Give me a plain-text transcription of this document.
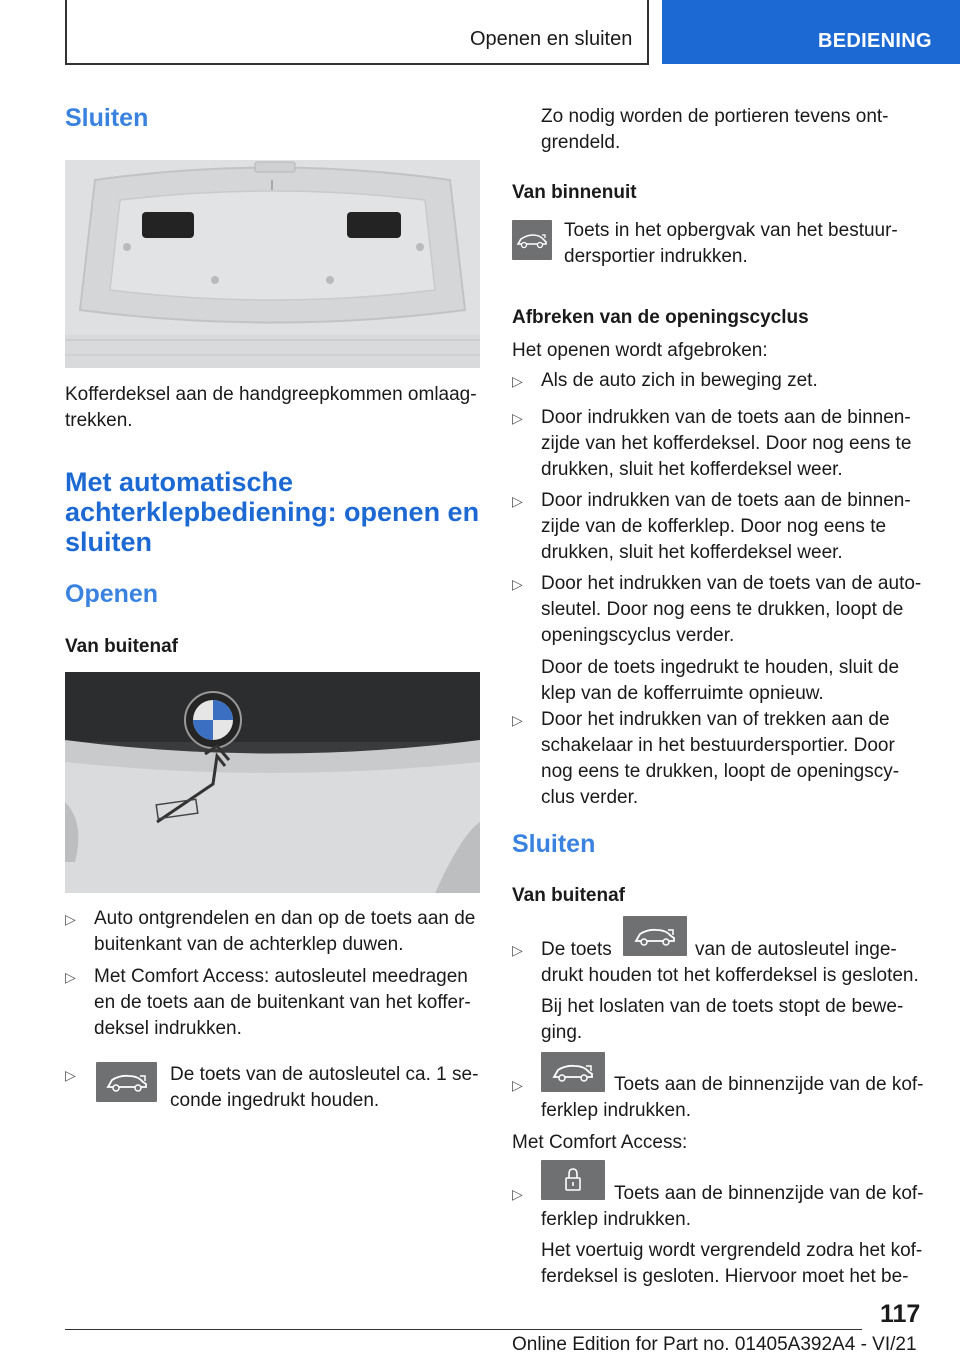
Openen en sluiten	BEDIENING
Sluiten
Kofferdeksel aan de handgreepkommen omlaag-
trekken.
Met automatische
achterklepbediening: openen en
sluiten
Openen
Van buitenaf
▷ Auto ontgrendelen en dan op de toets aan de
buitenkant van de achterklep duwen.
▷ Met Comfort Access: autosleutel meedragen
en de toets aan de buitenkant van het koffer-
deksel indrukken.
▷	De toets van de autosleutel ca. 1 se-
conde ingedrukt houden.
Zo nodig worden de portieren tevens ont-
grendeld.
Van binnenuit
Toets in het opbergvak van het bestuur-
dersportier indrukken.
Afbreken van de openingscyclus
Het openen wordt afgebroken:
▷ Als de auto zich in beweging zet.
▷ Door indrukken van de toets aan de binnen-
zijde van het kofferdeksel. Door nog eens te
drukken, sluit het kofferdeksel weer.
▷ Door indrukken van de toets aan de binnen-
zijde van de kofferklep. Door nog eens te
drukken, sluit het kofferdeksel weer.
▷ Door het indrukken van de toets van de auto-
sleutel. Door nog eens te drukken, loopt de
openingscyclus verder.
Door de toets ingedrukt te houden, sluit de
klep van de kofferruimte opnieuw.
▷ Door het indrukken van of trekken aan de
schakelaar in het bestuurdersportier. Door
nog eens te drukken, loopt de openingscy-
clus verder.
Sluiten
Van buitenaf
▷ De toets	van de autosleutel inge-
drukt houden tot het kofferdeksel is gesloten.
Bij het loslaten van de toets stopt de bewe-
ging.
▷	Toets aan de binnenzijde van de kof-
ferklep indrukken.
Met Comfort Access:
▷	Toets aan de binnenzijde van de kof-
ferklep indrukken.
Het voertuig wordt vergrendeld zodra het kof-
ferdeksel is gesloten. Hiervoor moet het be-
117
Online Edition for Part no. 01405A392A4 - VI/21
